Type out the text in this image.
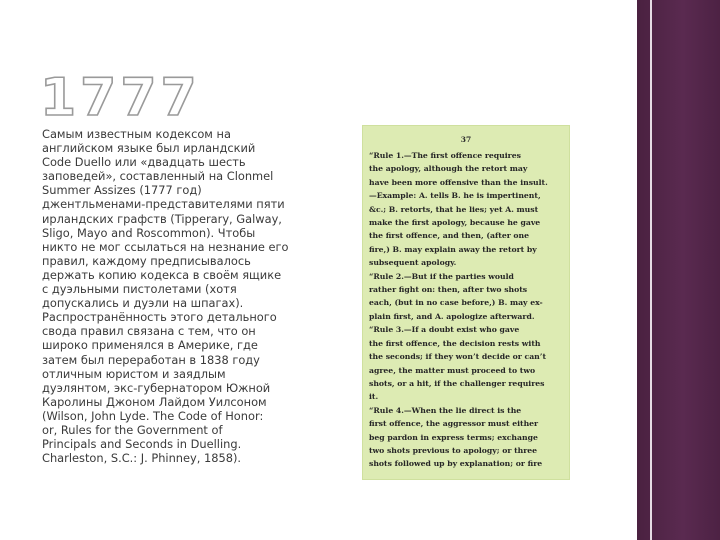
1777
Самым известным кодексом на
английском языке был ирландский
Code Duello или «двадцать шесть
заповедей», составленный на Clonmel
Summer Assizes (1777 год)
джентльменами-представителями пяти
ирландских графств (Tipperary, Galway,
Sligo, Mayo and Roscommon). Чтобы
никто не мог ссылаться на незнание его
правил, каждому предписывалось
держать копию кодекса в своём ящике
с дуэльными пистолетами (хотя
допускались и дуэли на шпагах).
Распространённость этого детального
свода правил связана с тем, что он
широко применялся в Америке, где
затем был переработан в 1838 году
отличным юристом и заядлым
дуэлянтом, экс-губернатором Южной
Каролины Джоном Лайдом Уилсоном
(Wilson, John Lyde. The Code of Honor:
or, Rules for the Government of
Principals and Seconds in Duelling.
Charleston, S.C.: J. Phinney, 1858).
37
“Rule 1.—The first offence requires
the apology, although the retort may
have been more offensive than the insult.
—Example: A. tells B. he is impertinent,
&c.; B. retorts, that he lies; yet A. must
make the first apology, because he gave
the first offence, and then, (after one
fire,) B. may explain away the retort by
subsequent apology.
“Rule 2.—But if the parties would
rather fight on: then, after two shots
each, (but in no case before,) B. may ex-
plain first, and A. apologize afterward.
“Rule 3.—If a doubt exist who gave
the first offence, the decision rests with
the seconds; if they won’t decide or can’t
agree, the matter must proceed to two
shots, or a hit, if the challenger requires
it.
“Rule 4.—When the lie direct is the
first offence, the aggressor must either
beg pardon in express terms; exchange
two shots previous to apology; or three
shots followed up by explanation; or fire
